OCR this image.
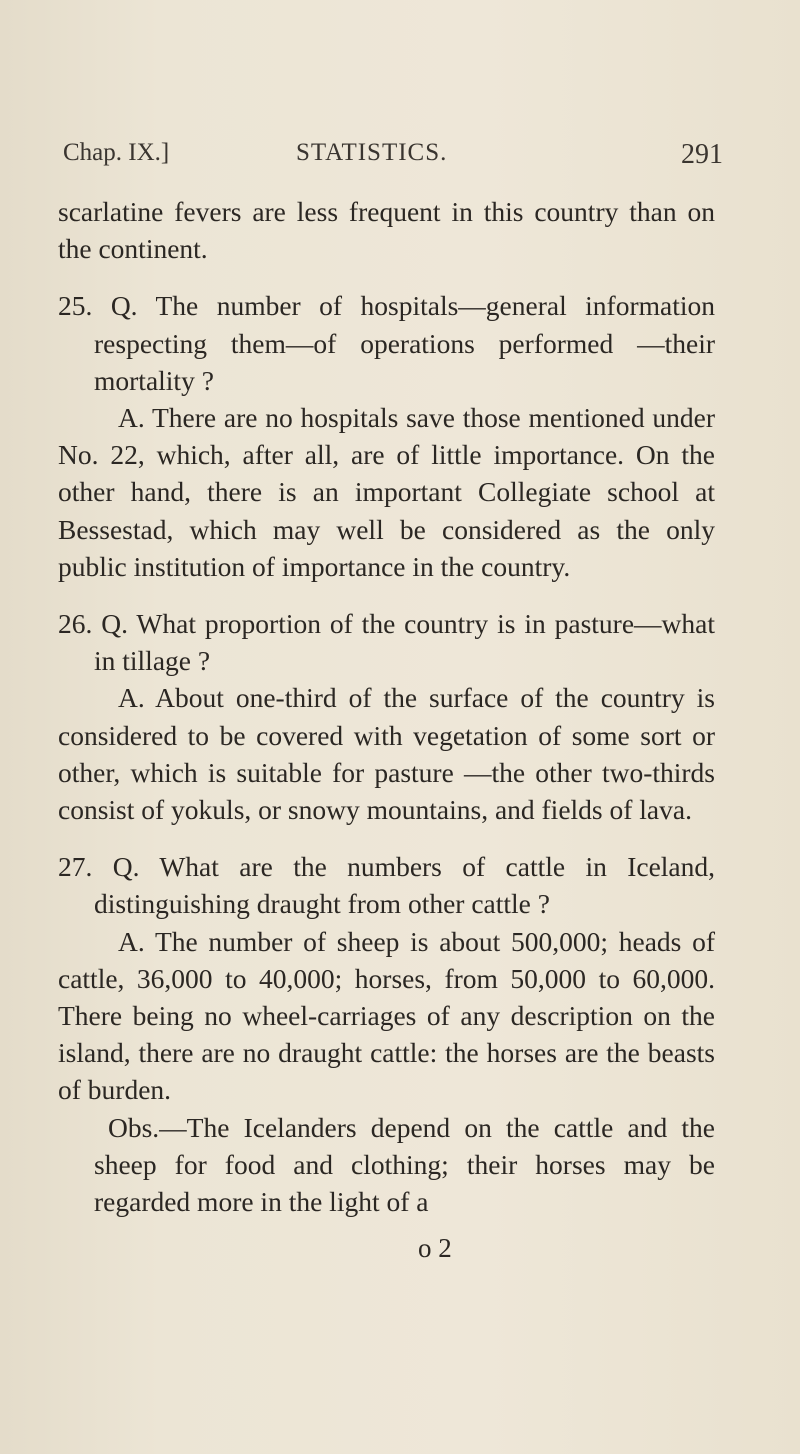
Chap. IX.]	STATISTICS.	291

scarlatine fevers are less frequent in this country than on the continent.

25. Q. The number of hospitals—general information respecting them—of operations performed —their mortality ?

A. There are no hospitals save those mentioned under No. 22, which, after all, are of little importance. On the other hand, there is an important Collegiate school at Bessestad, which may well be considered as the only public institution of importance in the country.

26. Q. What proportion of the country is in pasture—what in tillage ?

A. About one-third of the surface of the country is considered to be covered with vegetation of some sort or other, which is suitable for pasture —the other two-thirds consist of yokuls, or snowy mountains, and fields of lava.

27. Q. What are the numbers of cattle in Iceland, distinguishing draught from other cattle ?

A. The number of sheep is about 500,000; heads of cattle, 36,000 to 40,000; horses, from 50,000 to 60,000. There being no wheel-carriages of any description on the island, there are no draught cattle: the horses are the beasts of burden.

Obs.—The Icelanders depend on the cattle and the sheep for food and clothing; their horses may be regarded more in the light of a

o 2
